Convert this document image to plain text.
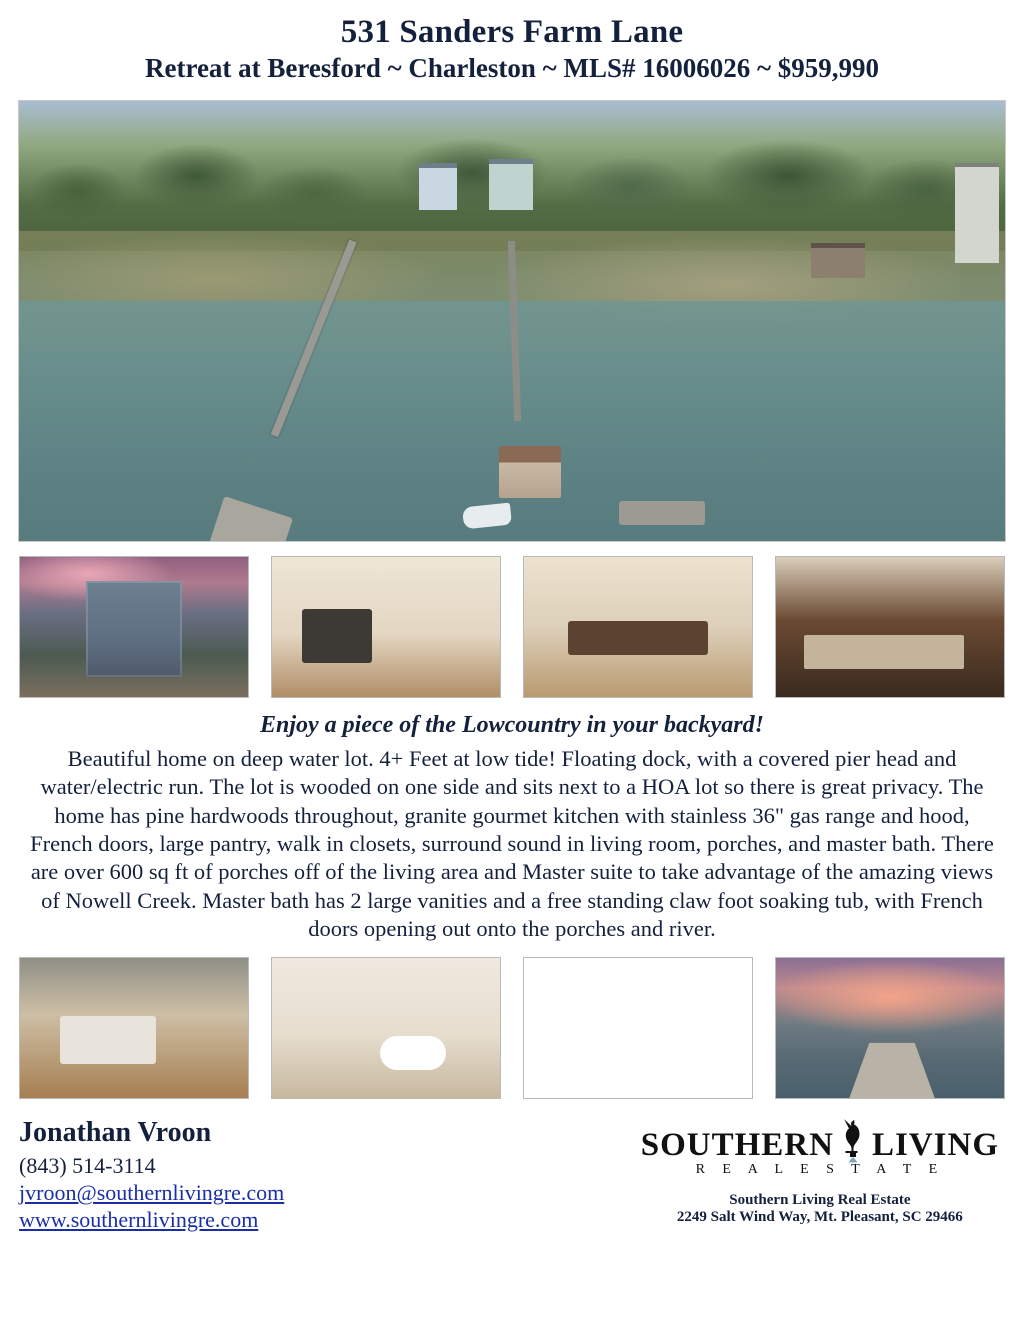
531 Sanders Farm Lane
Retreat at Beresford ~ Charleston ~ MLS# 16006026 ~ $959,990
Enjoy a piece of the Lowcountry in your backyard!
Beautiful home on deep water lot. 4+ Feet at low tide! Floating dock, with a covered pier head and water/electric run. The lot is wooded on one side and sits next to a HOA lot so there is great privacy. The home has pine hardwoods throughout, granite gourmet kitchen with stainless 36" gas range and hood, French doors, large pantry, walk in closets, surround sound in living room, porches, and master bath. There are over 600 sq ft of porches off of the living area and Master suite to take advantage of the amazing views of Nowell Creek. Master bath has 2 large vanities and a free standing claw foot soaking tub, with French doors opening out onto the porches and river.
Jonathan Vroon
(843) 514-3114
jvroon@southernlivingre.com
www.southernlivingre.com
SOUTHERN LIVING
R E A L E S T A T E
Southern Living Real Estate
2249 Salt Wind Way, Mt. Pleasant, SC 29466
